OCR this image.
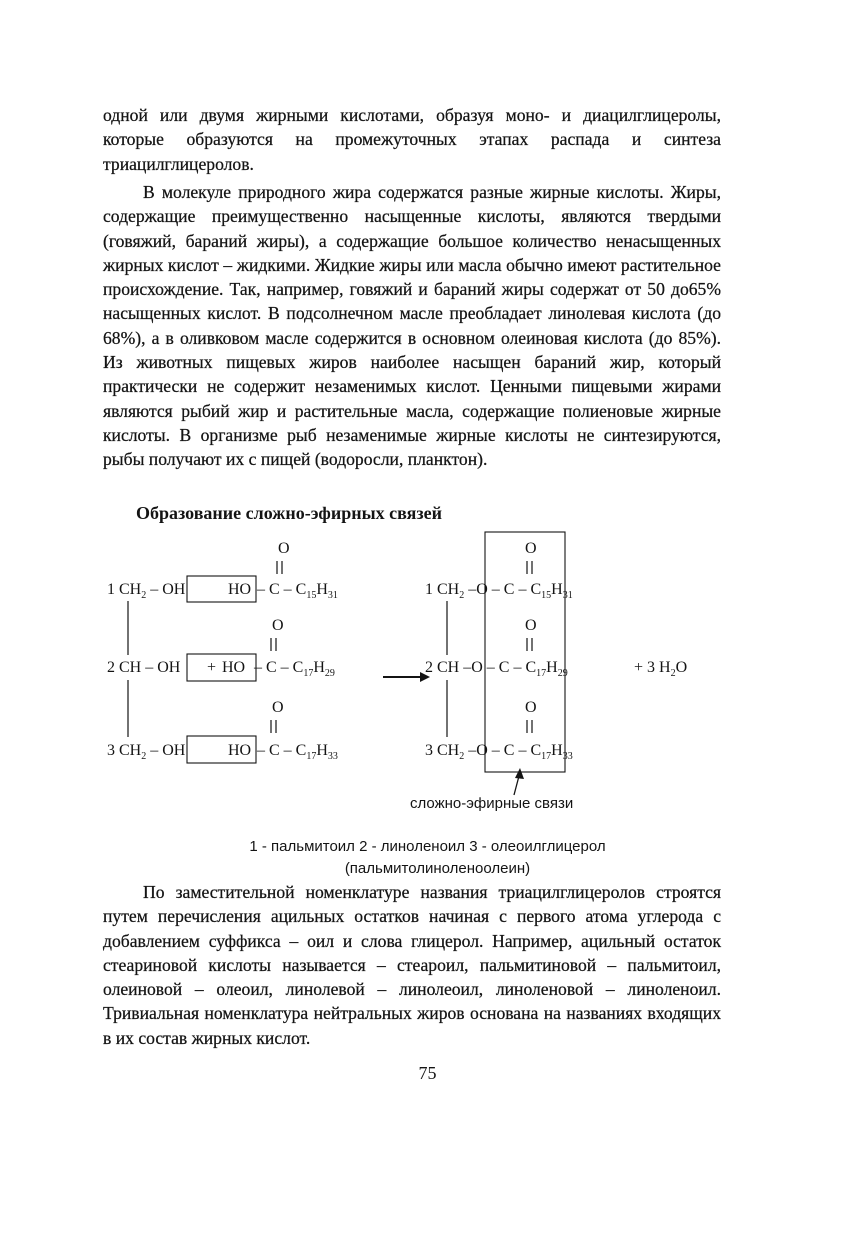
одной или двумя жирными кислотами, образуя моно- и диацилглицеролы, которые образуются на промежуточных этапах распада и синтеза триацилглицеролов.

В молекуле природного жира содержатся разные жирные кислоты. Жиры, содержащие преимущественно насыщенные кислоты, являются твердыми (говяжий, бараний жиры), а содержащие большое количество ненасыщенных жирных кислот – жидкими. Жидкие жиры или масла обычно имеют растительное происхождение. Так, например, говяжий и бараний жиры содержат от 50 до65% насыщенных кислот. В подсолнечном масле преобладает линолевая кислота (до 68%), а в оливковом масле содержится в основном олеиновая кислота (до 85%). Из животных пищевых жиров наиболее насыщен бараний жир, который практически не содержит незаменимых кислот. Ценными пищевыми жирами являются рыбий жир и растительные масла, содержащие полиеновые жирные кислоты. В организме рыб незаменимые жирные кислоты не синтезируются, рыбы получают их с пищей (водоросли, планктон).

Образование сложно-эфирных связей

O
1 $CH_2$ – OH	HO – C – $C_{15}H_{31}$
O
2 CH – OH + HO – C – $C_{17}H_{29}$
O
3 $CH_2$ – OH	HO – C – $C_{17}H_{33}$
O
1 $CH_2$ –O – C – $C_{15}H_{31}$
O
2 CH –O – C – $C_{17}H_{29}$	+ 3 $H_2O$
O
3 $CH_2$ –O – C – $C_{17}H_{33}$
сложно-эфирные связи

1 - пальмитоил 2 - линоленоил 3 - олеоилглицерол
(пальмитолиноленоолеин)

По заместительной номенклатуре названия триацилглицеролов строятся путем перечисления ацильных остатков начиная с первого атома углерода с добавлением суффикса – оил и слова глицерол. Например, ацильный остаток стеариновой кислоты называется – стеароил, пальмитиновой – пальмитоил, олеиновой – олеоил, линолевой – линолеоил, линоленовой – линоленоил. Тривиальная номенклатура нейтральных жиров основана на названиях входящих в их состав жирных кислот.

75
